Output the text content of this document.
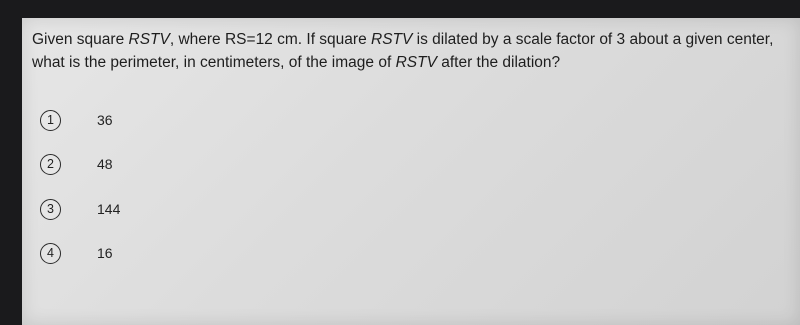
Given square RSTV, where RS=12 cm. If square RSTV is dilated by a scale factor of 3 about a given center, what is the perimeter, in centimeters, of the image of RSTV after the dilation?

1	36
2	48
3	144
4	16
